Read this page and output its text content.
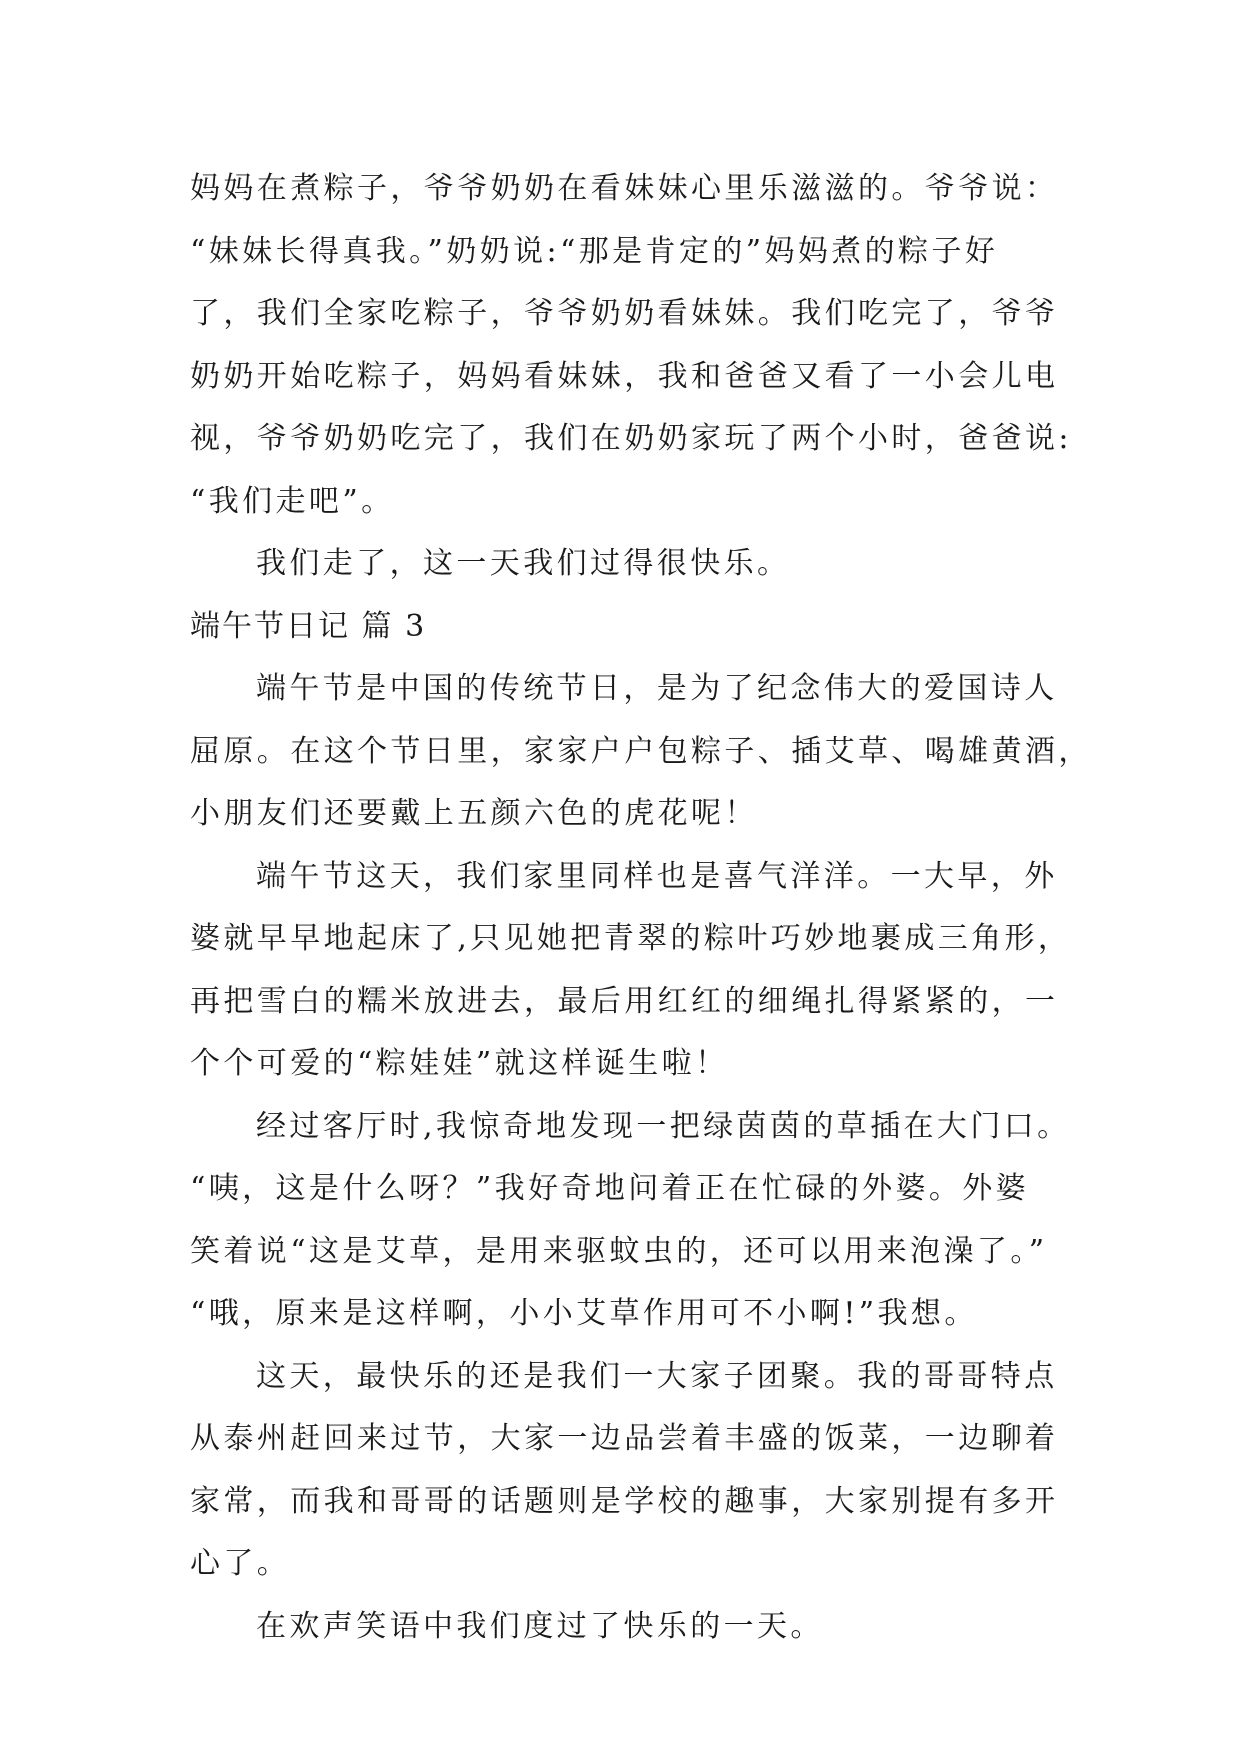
妈妈在煮粽子，爷爷奶奶在看妹妹心里乐滋滋的。爷爷说：
“妹妹长得真我。”奶奶说:“那是肯定的”妈妈煮的粽子好
了，我们全家吃粽子，爷爷奶奶看妹妹。我们吃完了，爷爷
奶奶开始吃粽子，妈妈看妹妹，我和爸爸又看了一小会儿电
视，爷爷奶奶吃完了，我们在奶奶家玩了两个小时，爸爸说:
“我们走吧”。
我们走了，这一天我们过得很快乐。
端午节日记 篇 3
端午节是中国的传统节日，是为了纪念伟大的爱国诗人
屈原。在这个节日里，家家户户包粽子、插艾草、喝雄黄酒，
小朋友们还要戴上五颜六色的虎花呢！
端午节这天，我们家里同样也是喜气洋洋。一大早，外
婆就早早地起床了,只见她把青翠的粽叶巧妙地裹成三角形，
再把雪白的糯米放进去，最后用红红的细绳扎得紧紧的，一
个个可爱的“粽娃娃”就这样诞生啦！
经过客厅时,我惊奇地发现一把绿茵茵的草插在大门口。
“咦，这是什么呀？”我好奇地问着正在忙碌的外婆。外婆
笑着说“这是艾草，是用来驱蚊虫的，还可以用来泡澡了。”
“哦，原来是这样啊，小小艾草作用可不小啊!”我想。
这天，最快乐的还是我们一大家子团聚。我的哥哥特点
从泰州赶回来过节，大家一边品尝着丰盛的饭菜，一边聊着
家常，而我和哥哥的话题则是学校的趣事，大家别提有多开
心了。
在欢声笑语中我们度过了快乐的一天。
